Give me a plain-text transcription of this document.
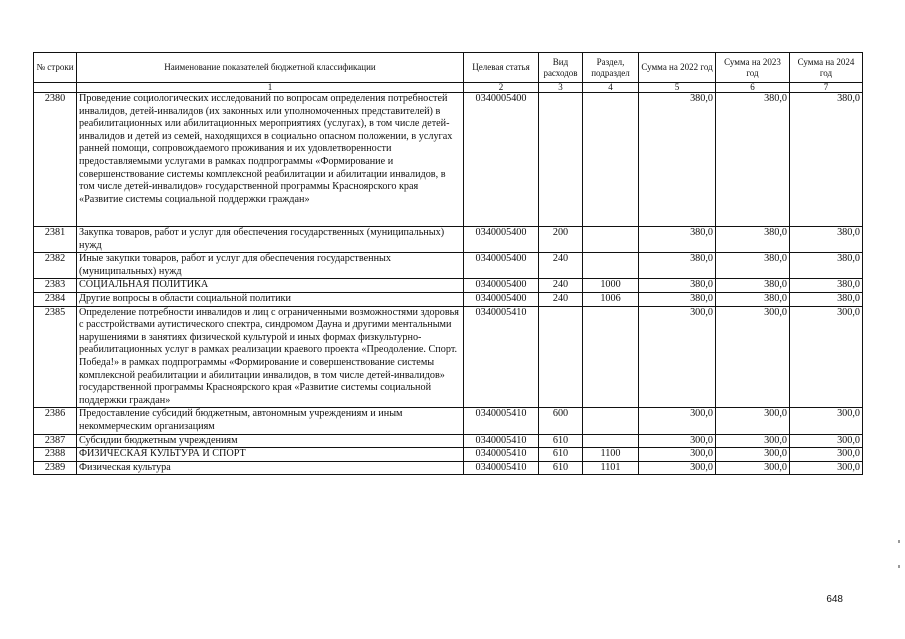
№ строки	Наименование показателей бюджетной классификации	Целевая статья	Вид расходов	Раздел, подраздел	Сумма на 2022 год	Сумма на 2023 год	Сумма на 2024 год
	1	2	3	4	5	6	7
2380	Проведение социологических исследований по вопросам определения потребностей инвалидов, детей-инвалидов (их законных или уполномоченных представителей) в реабилитационных или абилитационных мероприятиях (услугах), в том числе детей-инвалидов и детей из семей, находящихся в социально опасном положении, в услугах ранней помощи, сопровождаемого проживания и их удовлетворенности предоставляемыми услугами в рамках подпрограммы «Формирование и совершенствование системы комплексной реабилитации и абилитации инвалидов, в том числе детей-инвалидов» государственной программы Красноярского края «Развитие системы социальной поддержки граждан»	0340005400			380,0	380,0	380,0
2381	Закупка товаров, работ и услуг для обеспечения государственных (муниципальных) нужд	0340005400	200		380,0	380,0	380,0
2382	Иные закупки товаров, работ и услуг для обеспечения государственных (муниципальных) нужд	0340005400	240		380,0	380,0	380,0
2383	СОЦИАЛЬНАЯ ПОЛИТИКА	0340005400	240	1000	380,0	380,0	380,0
2384	Другие вопросы в области социальной политики	0340005400	240	1006	380,0	380,0	380,0
2385	Определение потребности инвалидов и лиц с ограниченными возможностями здоровья с расстройствами аутистического спектра, синдромом Дауна и другими ментальными нарушениями в занятиях физической культурой и иных формах физкультурно-реабилитационных услуг в рамках реализации краевого проекта «Преодоление. Спорт. Победа!» в рамках подпрограммы «Формирование и совершенствование системы комплексной реабилитации и абилитации инвалидов, в том числе детей-инвалидов» государственной программы Красноярского края «Развитие системы социальной поддержки граждан»	0340005410			300,0	300,0	300,0
2386	Предоставление субсидий бюджетным, автономным учреждениям и иным некоммерческим организациям	0340005410	600		300,0	300,0	300,0
2387	Субсидии бюджетным учреждениям	0340005410	610		300,0	300,0	300,0
2388	ФИЗИЧЕСКАЯ КУЛЬТУРА И СПОРТ	0340005410	610	1100	300,0	300,0	300,0
2389	Физическая культура	0340005410	610	1101	300,0	300,0	300,0
648
